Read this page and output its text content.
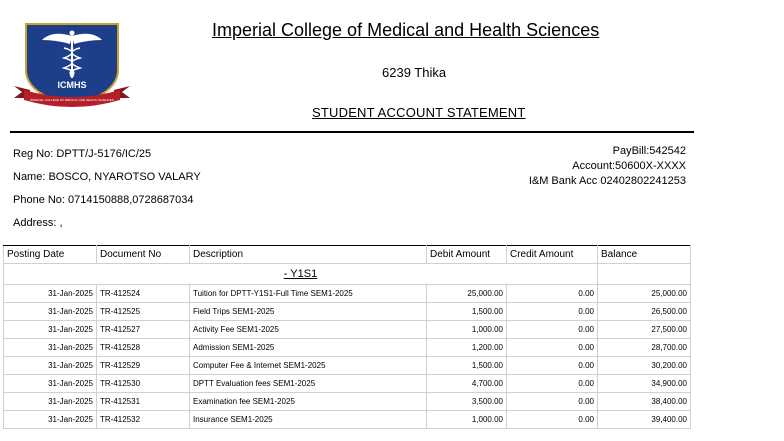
ICMHS
IMPERIAL COLLEGE OF MEDICAL AND HEALTH SCIENCES
Imperial College of Medical and Health Sciences
6239 Thika
STUDENT ACCOUNT STATEMENT
Reg No: DPTT/J-5176/IC/25
Name: BOSCO, NYAROTSO VALARY
Phone No: 0714150888,0728687034
Address: ,
PayBill:542542
Account:50600X-XXXX
I&M Bank Acc 02402802241253
Posting Date	Document No	Description	Debit Amount	Credit Amount	Balance
- Y1S1					
31-Jan-2025	TR-412524	Tuition for DPTT-Y1S1-Full Time SEM1-2025	25,000.00	0.00	25,000.00
31-Jan-2025	TR-412525	Field Trips SEM1-2025	1,500.00	0.00	26,500.00
31-Jan-2025	TR-412527	Activity Fee SEM1-2025	1,000.00	0.00	27,500.00
31-Jan-2025	TR-412528	Admission SEM1-2025	1,200.00	0.00	28,700.00
31-Jan-2025	TR-412529	Computer Fee & Internet SEM1-2025	1,500.00	0.00	30,200.00
31-Jan-2025	TR-412530	DPTT Evaluation fees SEM1-2025	4,700.00	0.00	34,900.00
31-Jan-2025	TR-412531	Examination fee SEM1-2025	3,500.00	0.00	38,400.00
31-Jan-2025	TR-412532	Insurance SEM1-2025	1,000.00	0.00	39,400.00
